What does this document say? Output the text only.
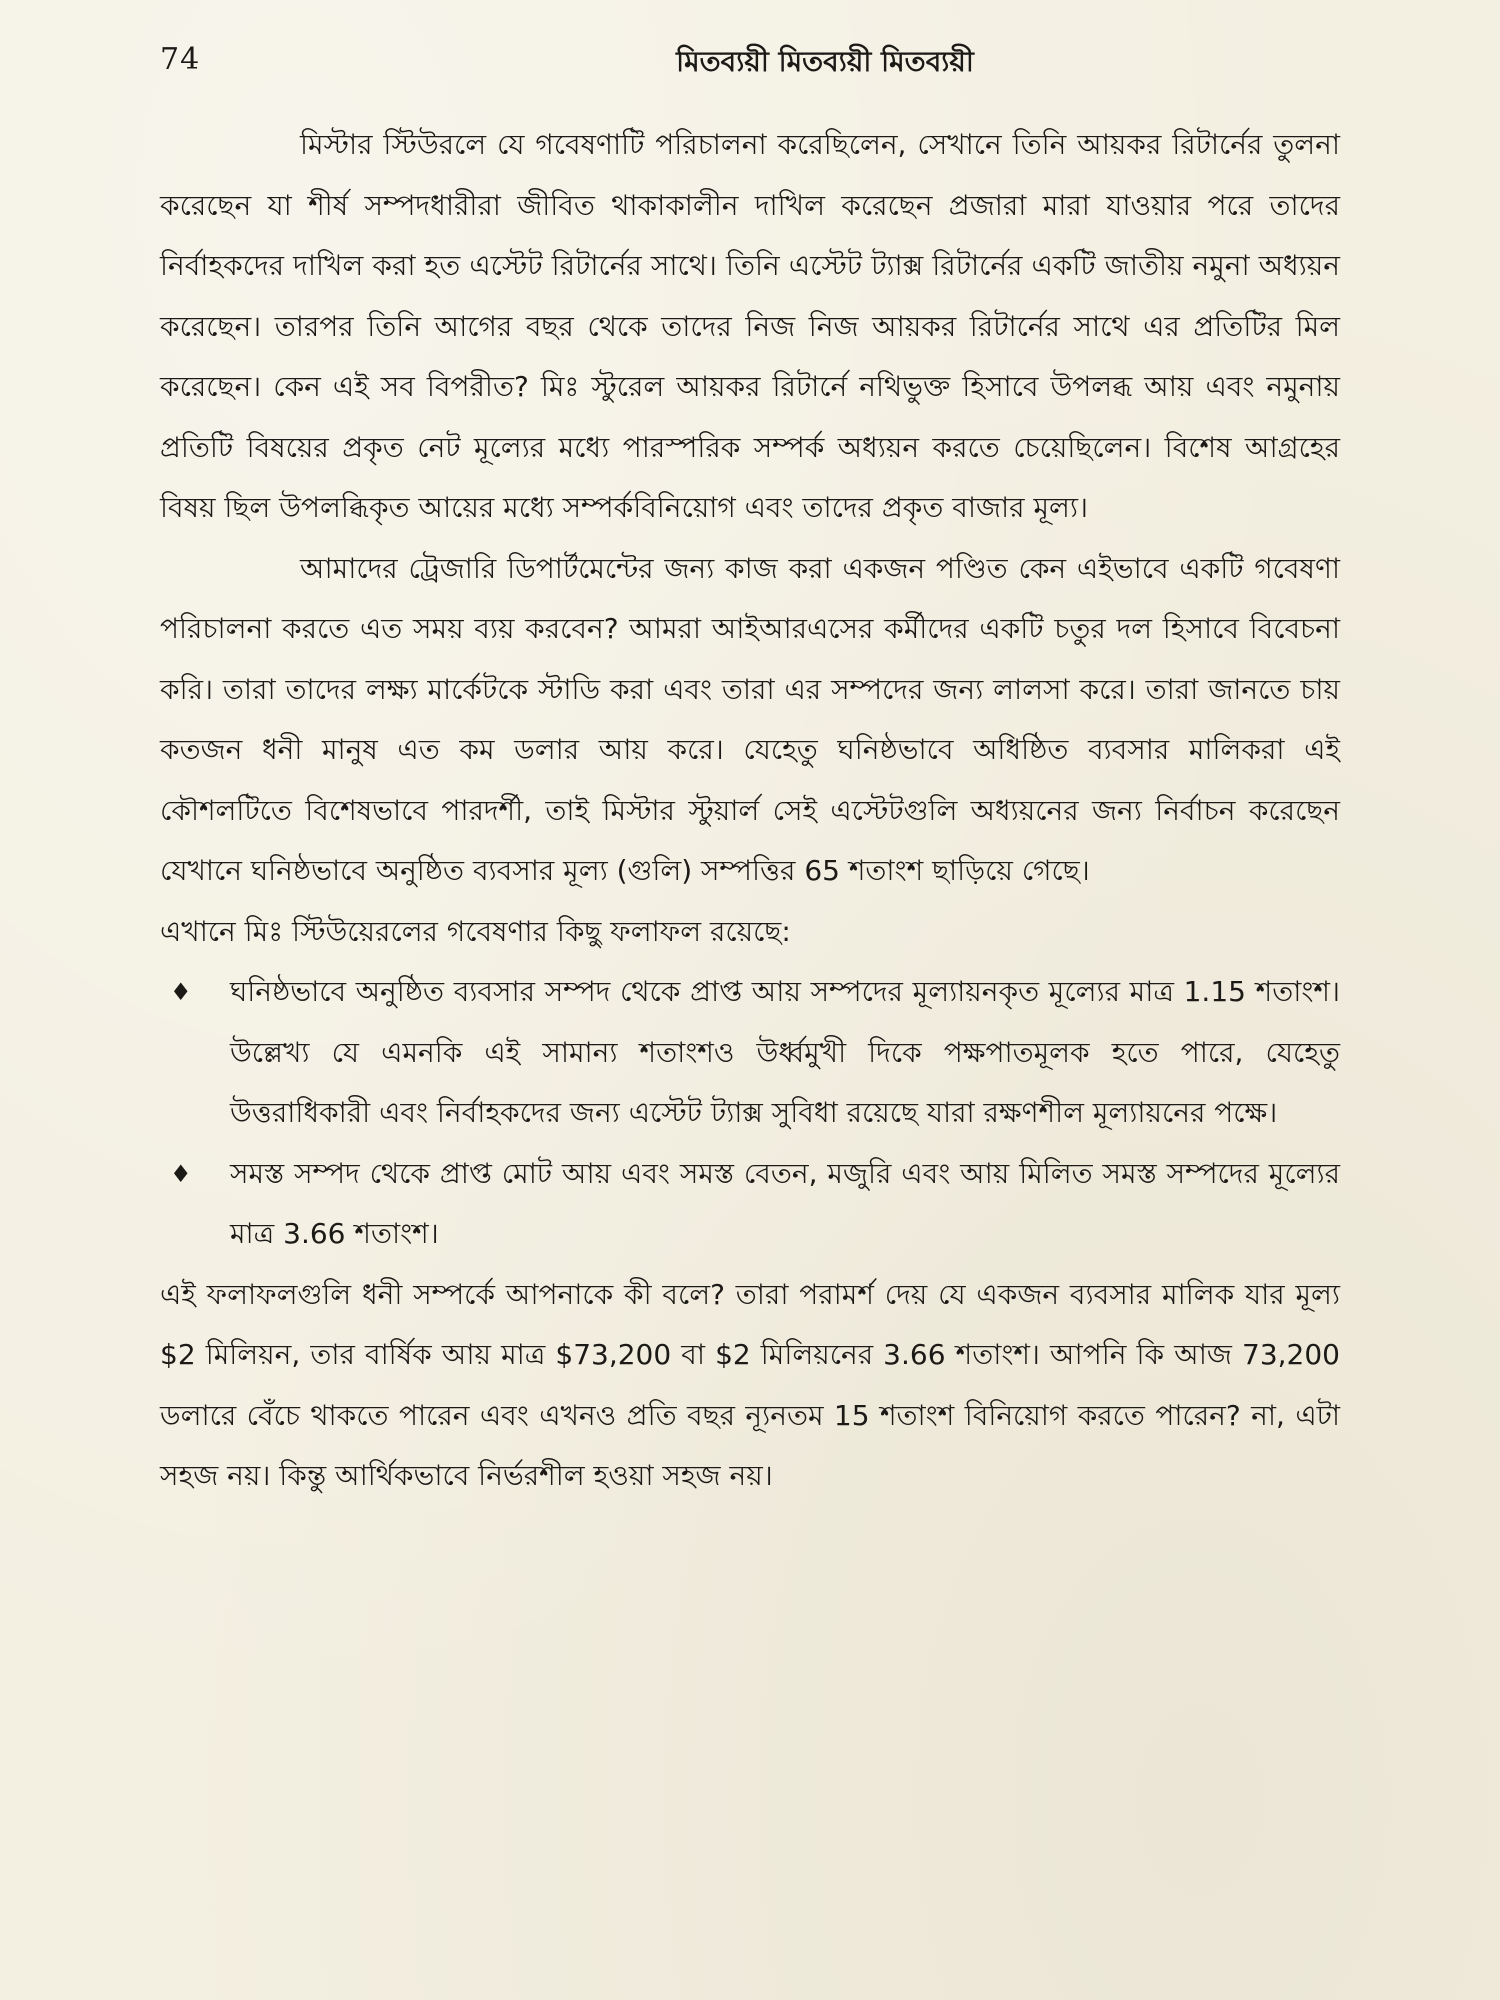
74	মিতব্যয়ী মিতব্যয়ী মিতব্যয়ী

মিস্টার স্টিউরলে যে গবেষণাটি পরিচালনা করেছিলেন, সেখানে তিনি আয়কর রিটার্নের তুলনা করেছেন যা শীর্ষ সম্পদধারীরা জীবিত থাকাকালীন দাখিল করেছেন প্রজারা মারা যাওয়ার পরে তাদের নির্বাহকদের দাখিল করা হত এস্টেট রিটার্নের সাথে। তিনি এস্টেট ট্যাক্স রিটার্নের একটি জাতীয় নমুনা অধ্যয়ন করেছেন। তারপর তিনি আগের বছর থেকে তাদের নিজ নিজ আয়কর রিটার্নের সাথে এর প্রতিটির মিল করেছেন। কেন এই সব বিপরীত? মিঃ স্টুরেল আয়কর রিটার্নে নথিভুক্ত হিসাবে উপলব্ধ আয় এবং নমুনায় প্রতিটি বিষয়ের প্রকৃত নেট মূল্যের মধ্যে পারস্পরিক সম্পর্ক অধ্যয়ন করতে চেয়েছিলেন। বিশেষ আগ্রহের বিষয় ছিল উপলব্ধিকৃত আয়ের মধ্যে সম্পর্কবিনিয়োগ এবং তাদের প্রকৃত বাজার মূল্য।

আমাদের ট্রেজারি ডিপার্টমেন্টের জন্য কাজ করা একজন পণ্ডিত কেন এইভাবে একটি গবেষণা পরিচালনা করতে এত সময় ব্যয় করবেন? আমরা আইআরএসের কর্মীদের একটি চতুর দল হিসাবে বিবেচনা করি। তারা তাদের লক্ষ্য মার্কেটকে স্টাডি করা এবং তারা এর সম্পদের জন্য লালসা করে। তারা জানতে চায় কতজন ধনী মানুষ এত কম ডলার আয় করে। যেহেতু ঘনিষ্ঠভাবে অধিষ্ঠিত ব্যবসার মালিকরা এই কৌশলটিতে বিশেষভাবে পারদর্শী, তাই মিস্টার স্টুয়ার্ল সেই এস্টেটগুলি অধ্যয়নের জন্য নির্বাচন করেছেন যেখানে ঘনিষ্ঠভাবে অনুষ্ঠিত ব্যবসার মূল্য (গুলি) সম্পত্তির 65 শতাংশ ছাড়িয়ে গেছে।

এখানে মিঃ স্টিউয়েরলের গবেষণার কিছু ফলাফল রয়েছে:

♦ ঘনিষ্ঠভাবে অনুষ্ঠিত ব্যবসার সম্পদ থেকে প্রাপ্ত আয় সম্পদের মূল্যায়নকৃত মূল্যের মাত্র 1.15 শতাংশ। উল্লেখ্য যে এমনকি এই সামান্য শতাংশও উর্ধ্বমুখী দিকে পক্ষপাতমূলক হতে পারে, যেহেতু উত্তরাধিকারী এবং নির্বাহকদের জন্য এস্টেট ট্যাক্স সুবিধা রয়েছে যারা রক্ষণশীল মূল্যায়নের পক্ষে।
♦ সমস্ত সম্পদ থেকে প্রাপ্ত মোট আয় এবং সমস্ত বেতন, মজুরি এবং আয় মিলিত সমস্ত সম্পদের মূল্যের মাত্র 3.66 শতাংশ।

এই ফলাফলগুলি ধনী সম্পর্কে আপনাকে কী বলে? তারা পরামর্শ দেয় যে একজন ব্যবসার মালিক যার মূল্য $2 মিলিয়ন, তার বার্ষিক আয় মাত্র $73,200 বা $2 মিলিয়নের 3.66 শতাংশ। আপনি কি আজ 73,200 ডলারে বেঁচে থাকতে পারেন এবং এখনও প্রতি বছর ন্যূনতম 15 শতাংশ বিনিয়োগ করতে পারেন? না, এটা সহজ নয়। কিন্তু আর্থিকভাবে নির্ভরশীল হওয়া সহজ নয়।
